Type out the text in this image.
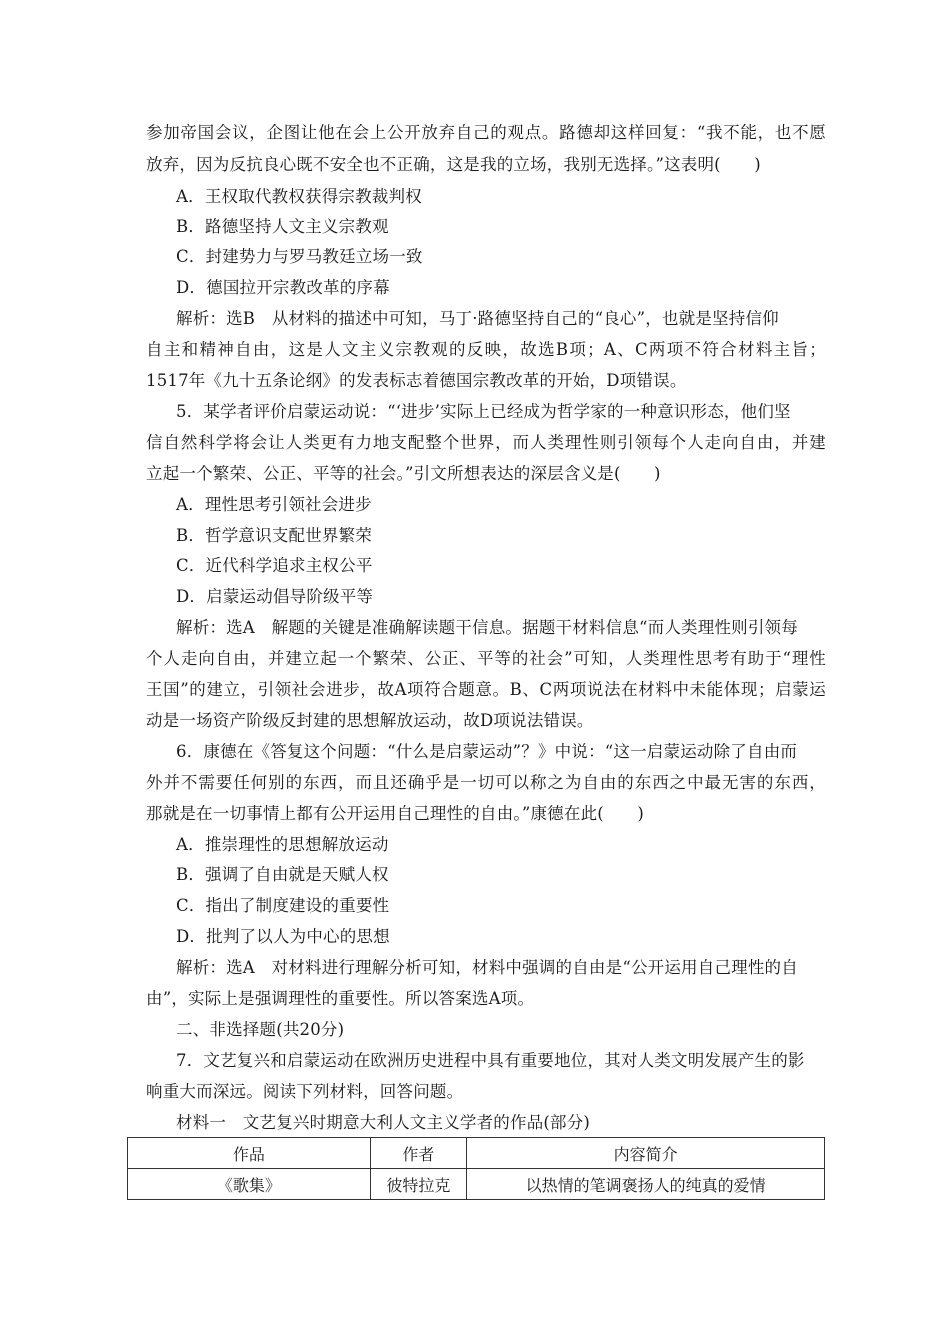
参加帝国会议，企图让他在会上公开放弃自己的观点。路德却这样回复：“我不能，也不愿
放弃，因为反抗良心既不安全也不正确，这是我的立场，我别无选择。”这表明(　　)
A．王权取代教权获得宗教裁判权
B．路德坚持人文主义宗教观
C．封建势力与罗马教廷立场一致
D．德国拉开宗教改革的序幕
解析：选B　从材料的描述中可知，马丁·路德坚持自己的“良心”，也就是坚持信仰
自主和精神自由，这是人文主义宗教观的反映，故选B项；A、C两项不符合材料主旨；
1517年《九十五条论纲》的发表标志着德国宗教改革的开始，D项错误。
5．某学者评价启蒙运动说：“‘进步’实际上已经成为哲学家的一种意识形态，他们坚
信自然科学将会让人类更有力地支配整个世界，而人类理性则引领每个人走向自由，并建
立起一个繁荣、公正、平等的社会。”引文所想表达的深层含义是(　　)
A．理性思考引领社会进步
B．哲学意识支配世界繁荣
C．近代科学追求主权公平
D．启蒙运动倡导阶级平等
解析：选A　解题的关键是准确解读题干信息。据题干材料信息“而人类理性则引领每
个人走向自由，并建立起一个繁荣、公正、平等的社会”可知，人类理性思考有助于“理性
王国”的建立，引领社会进步，故A项符合题意。B、C两项说法在材料中未能体现；启蒙运
动是一场资产阶级反封建的思想解放运动，故D项说法错误。
6．康德在《答复这个问题：“什么是启蒙运动”？》中说：“这一启蒙运动除了自由而
外并不需要任何别的东西，而且还确乎是一切可以称之为自由的东西之中最无害的东西，
那就是在一切事情上都有公开运用自己理性的自由。”康德在此(　　)
A．推崇理性的思想解放运动
B．强调了自由就是天赋人权
C．指出了制度建设的重要性
D．批判了以人为中心的思想
解析：选A　对材料进行理解分析可知，材料中强调的自由是“公开运用自己理性的自
由”，实际上是强调理性的重要性。所以答案选A项。
二、非选择题(共20分)
7．文艺复兴和启蒙运动在欧洲历史进程中具有重要地位，其对人类文明发展产生的影
响重大而深远。阅读下列材料，回答问题。
材料一　文艺复兴时期意大利人文主义学者的作品(部分)
作品	作者	内容简介
《歌集》	彼特拉克	以热情的笔调褒扬人的纯真的爱情
